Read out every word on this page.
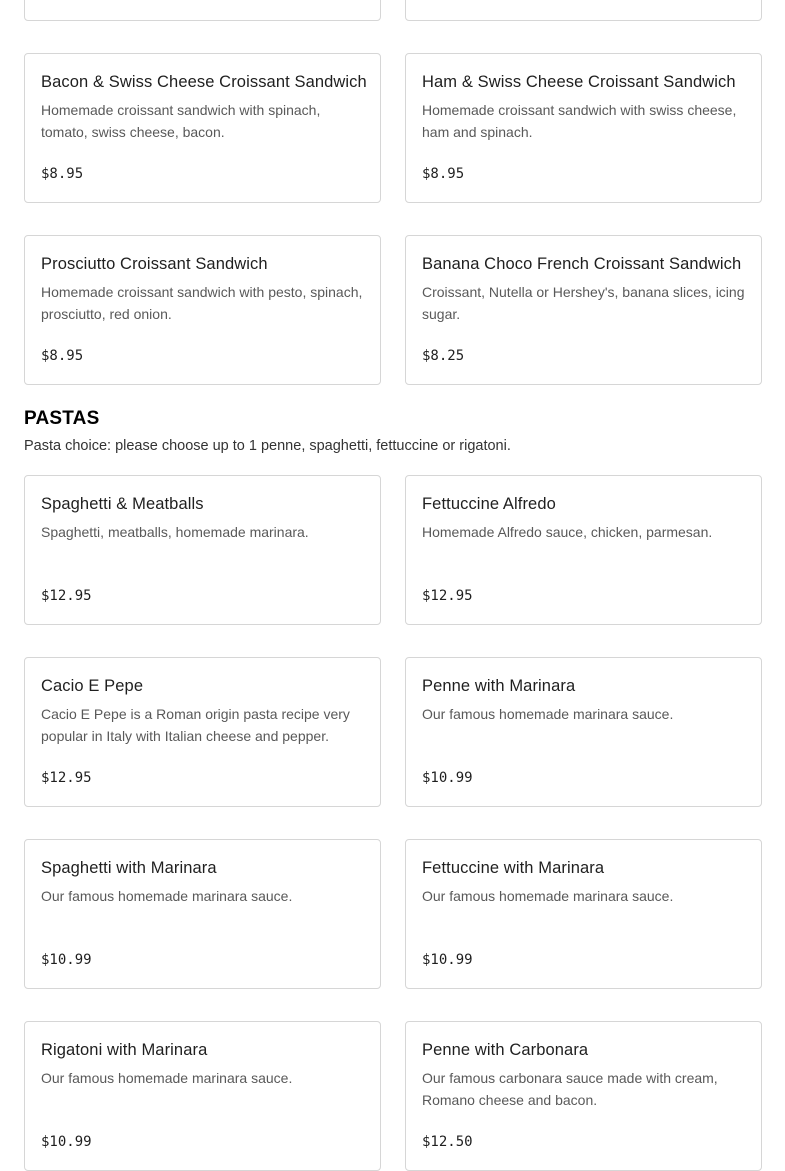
Bacon & Swiss Cheese Croissant Sandwich
Homemade croissant sandwich with spinach, tomato, swiss cheese, bacon.
$8.95
Ham & Swiss Cheese Croissant Sandwich
Homemade croissant sandwich with swiss cheese, ham and spinach.
$8.95
Prosciutto Croissant Sandwich
Homemade croissant sandwich with pesto, spinach, prosciutto, red onion.
$8.95
Banana Choco French Croissant Sandwich
Croissant, Nutella or Hershey's, banana slices, icing sugar.
$8.25
PASTAS

Pasta choice: please choose up to 1 penne, spaghetti, fettuccine or rigatoni.

Spaghetti & Meatballs
Spaghetti, meatballs, homemade marinara.
$12.95
Fettuccine Alfredo
Homemade Alfredo sauce, chicken, parmesan.
$12.95
Cacio E Pepe
Cacio E Pepe is a Roman origin pasta recipe very popular in Italy with Italian cheese and pepper.
$12.95
Penne with Marinara
Our famous homemade marinara sauce.
$10.99
Spaghetti with Marinara
Our famous homemade marinara sauce.
$10.99
Fettuccine with Marinara
Our famous homemade marinara sauce.
$10.99
Rigatoni with Marinara
Our famous homemade marinara sauce.
$10.99
Penne with Carbonara
Our famous carbonara sauce made with cream, Romano cheese and bacon.
$12.50
